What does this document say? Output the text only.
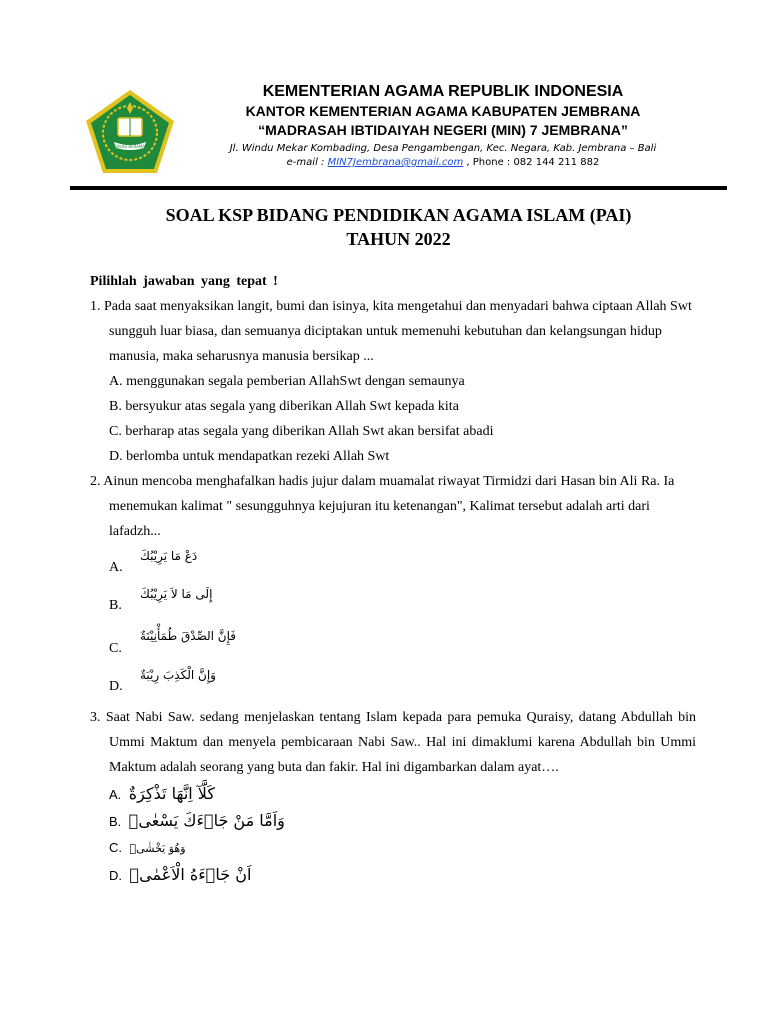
IKHLAS BERAMAL
KEMENTERIAN AGAMA REPUBLIK INDONESIA
KANTOR KEMENTERIAN AGAMA KABUPATEN JEMBRANA
“MADRASAH IBTIDAIYAH NEGERI (MIN) 7 JEMBRANA”
Jl. Windu Mekar Kombading, Desa Pengambengan, Kec. Negara, Kab. Jembrana – Bali
e-mail : MIN7Jembrana@gmail.com , Phone : 082 144 211 882
SOAL KSP BIDANG PENDIDIKAN AGAMA ISLAM (PAI)
TAHUN 2022
Pilihlah jawaban yang tepat !
1. Pada saat menyaksikan langit, bumi dan isinya, kita mengetahui dan menyadari bahwa ciptaan Allah Swt sungguh luar biasa, dan semuanya diciptakan untuk memenuhi kebutuhan dan kelangsungan hidup manusia, maka seharusnya manusia bersikap ...
A. menggunakan segala pemberian AllahSwt dengan semaunya
B. bersyukur atas segala yang diberikan Allah Swt kepada kita
C. berharap atas segala yang diberikan Allah Swt akan bersifat abadi
D. berlomba untuk mendapatkan rezeki Allah Swt
2. Ainun mencoba menghafalkan hadis jujur dalam muamalat riwayat Tirmidzi dari Hasan bin Ali Ra. Ia menemukan kalimat " sesungguhnya kejujuran itu ketenangan", Kalimat tersebut adalah arti dari lafadzh...
A.
دَعْ مَا يَرِيْبُكَ
B.
إِلَى مَا لاَ يَرِيْبُكَ
C.
فَإِنَّ الصِّدْقَ طُمَأْنِيْنَةٌ
D.
وَإِنَّ الْكَذِبَ رِيْبَةٌ
3. Saat Nabi Saw. sedang menjelaskan tentang Islam kepada para pemuka Quraisy, datang Abdullah bin Ummi Maktum dan menyela pembicaraan Nabi Saw.. Hal ini dimaklumi karena Abdullah bin Ummi Maktum adalah seorang yang buta dan fakir. Hal ini digambarkan dalam ayat….
A. كَلَّآ اِنَّهَا تَذْكِرَةٌ
B. وَاَمَّا مَنْ جَاۤءَكَ يَسْعٰىۙ
C. وَهُوَ يَخْشٰىۙ
D. اَنْ جَاۤءَهُ الْاَعْمٰىۗ
